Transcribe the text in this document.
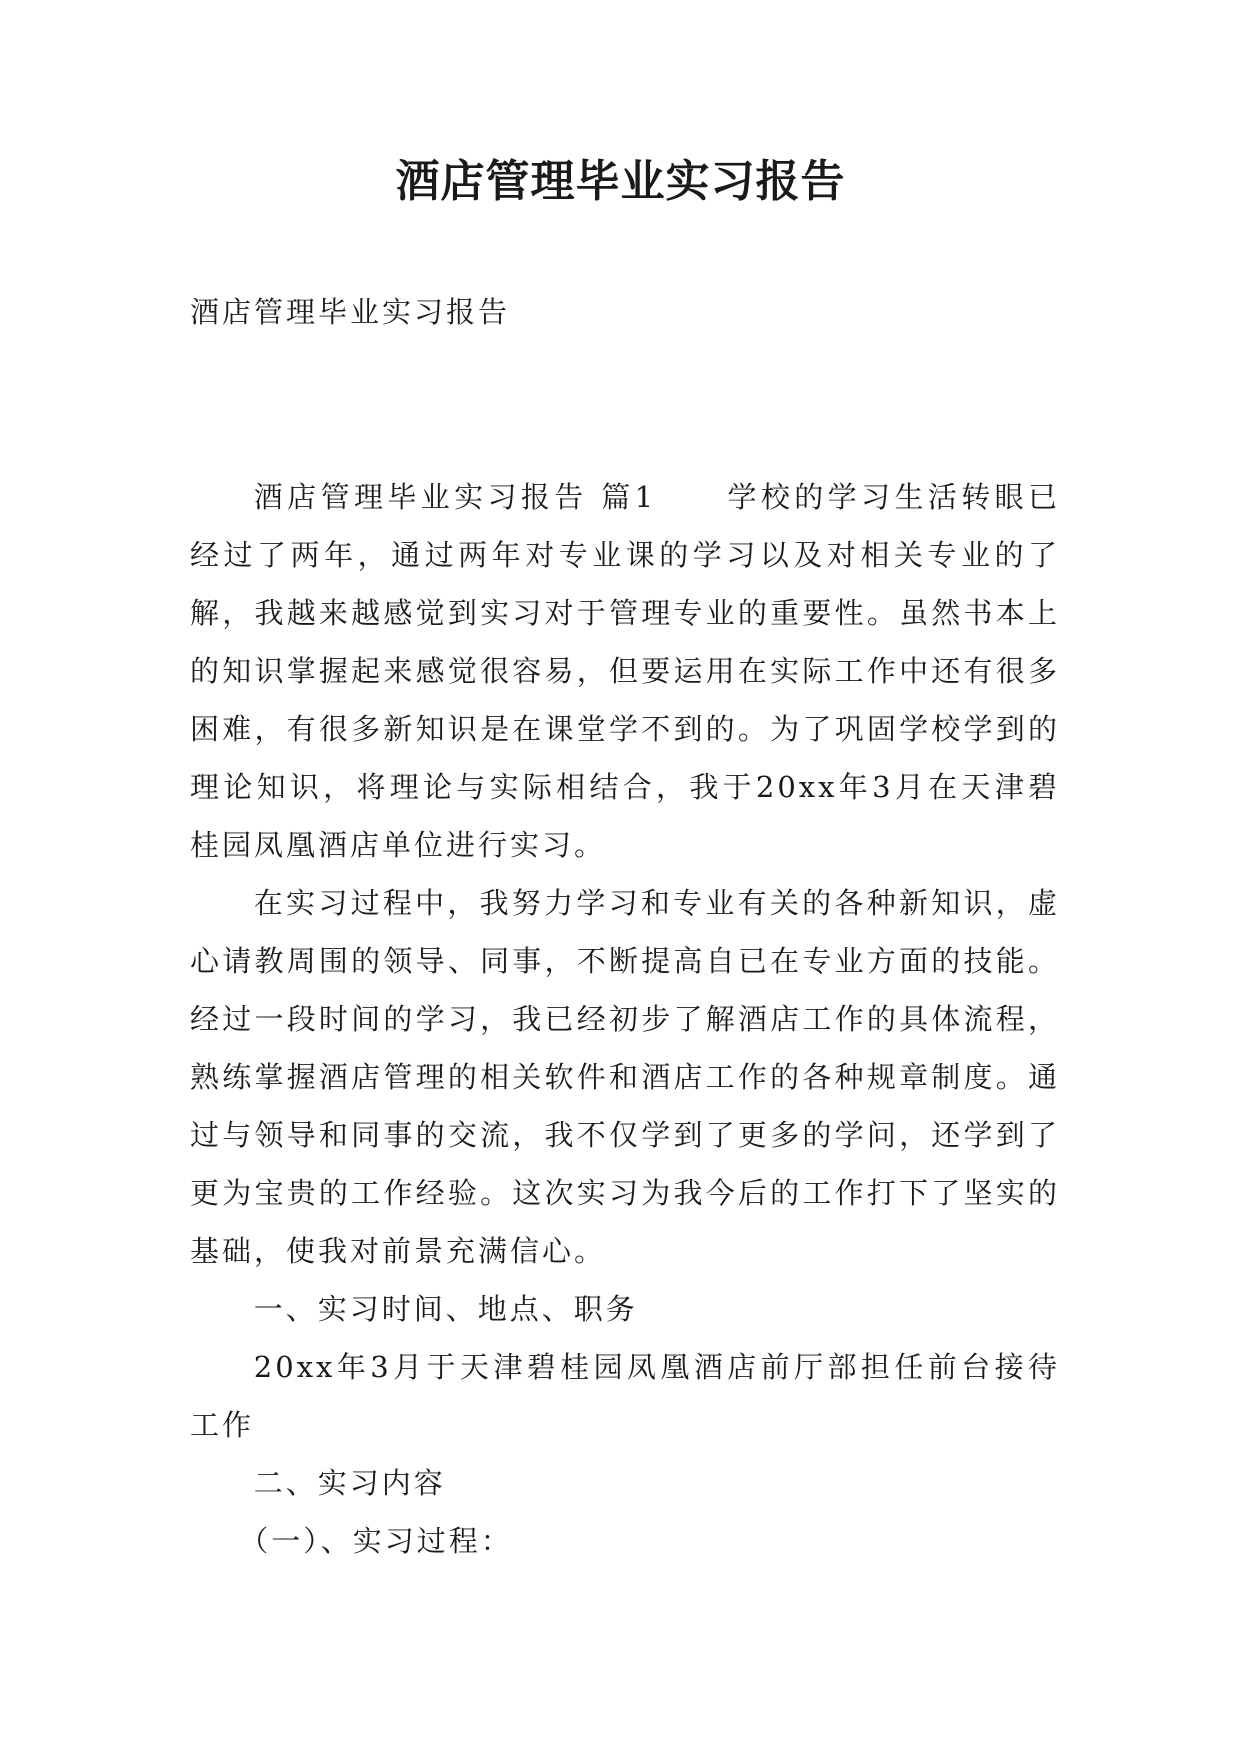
酒店管理毕业实习报告

酒店管理毕业实习报告

酒店管理毕业实习报告 篇1 学校的学习生活转眼已经过了两年，通过两年对专业课的学习以及对相关专业的了解，我越来越感觉到实习对于管理专业的重要性。虽然书本上的知识掌握起来感觉很容易，但要运用在实际工作中还有很多困难，有很多新知识是在课堂学不到的。为了巩固学校学到的理论知识，将理论与实际相结合，我于20xx年3月在天津碧桂园凤凰酒店单位进行实习。

在实习过程中，我努力学习和专业有关的各种新知识，虚心请教周围的领导、同事，不断提高自已在专业方面的技能。经过一段时间的学习，我已经初步了解酒店工作的具体流程，熟练掌握酒店管理的相关软件和酒店工作的各种规章制度。通过与领导和同事的交流，我不仅学到了更多的学问，还学到了更为宝贵的工作经验。这次实习为我今后的工作打下了坚实的基础，使我对前景充满信心。

一、实习时间、地点、职务

20xx年3月于天津碧桂园凤凰酒店前厅部担任前台接待工作

二、实习内容

（一）、实习过程：
